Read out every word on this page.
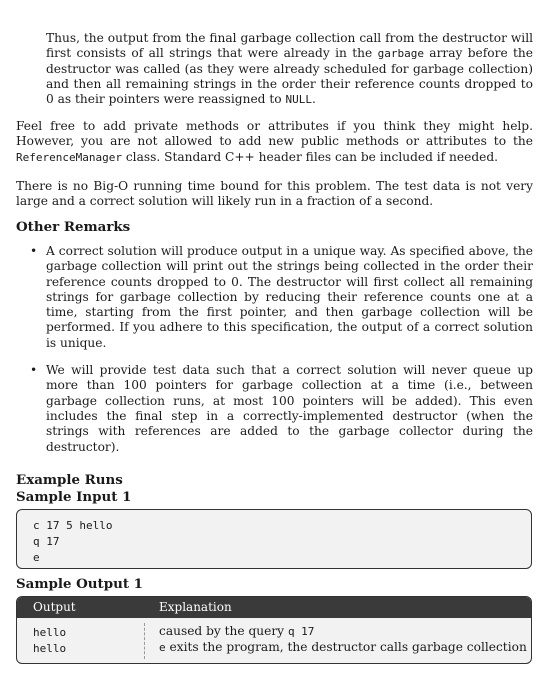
Thus, the output from the final garbage collection call from the destructor will first consists of all strings that were already in the garbage array before the destructor was called (as they were already scheduled for garbage collection) and then all remaining strings in the order their reference counts dropped to 0 as their pointers were reassigned to NULL.

Feel free to add private methods or attributes if you think they might help. However, you are not allowed to add new public methods or attributes to the ReferenceManager class. Standard C++ header files can be included if needed.

There is no Big-O running time bound for this problem. The test data is not very large and a correct solution will likely run in a fraction of a second.

Other Remarks
• A correct solution will produce output in a unique way. As specified above, the garbage collection will print out the strings being collected in the order their reference counts dropped to 0. The destructor will first collect all remaining strings for garbage collection by reducing their reference counts one at a time, starting from the first pointer, and then garbage collection will be performed. If you adhere to this specification, the output of a correct solution is unique.
• We will provide test data such that a correct solution will never queue up more than 100 pointers for garbage collection at a time (i.e., between garbage collection runs, at most 100 pointers will be added). This even includes the final step in a correctly-implemented destructor (when the strings with references are added to the garbage collector during the destructor).
Example Runs
Sample Input 1
c 17 5 hello
q 17
e
Sample Output 1
Output	Explanation
hello	caused by the query q 17
hello	e exits the program, the destructor calls garbage collection
